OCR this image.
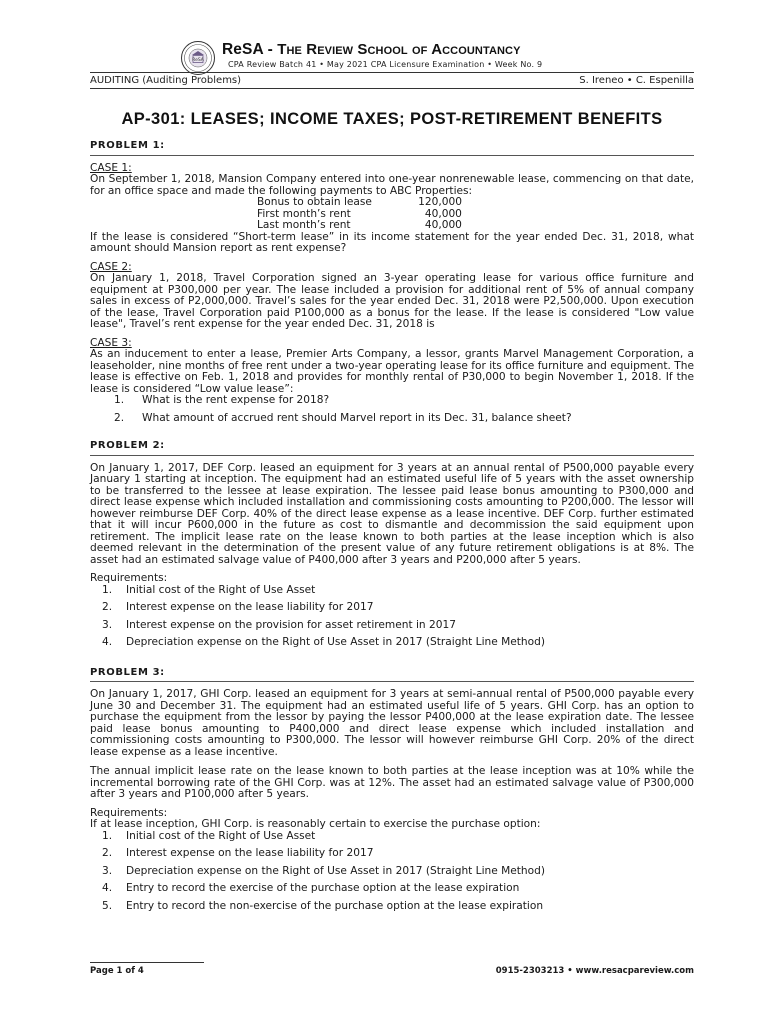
ReSA
ReSA - The Review School of Accountancy
CPA Review Batch 41 • May 2021 CPA Licensure Examination • Week No. 9
AUDITING (Auditing Problems)	S. Ireneo • C. Espenilla
AP-301: LEASES; INCOME TAXES; POST-RETIREMENT BENEFITS
PROBLEM 1:
CASE 1:
On September 1, 2018, Mansion Company entered into one-year nonrenewable lease, commencing on that date, for an office space and made the following payments to ABC Properties:
Bonus to obtain lease	120,000
First month’s rent	40,000
Last month’s rent	40,000
If the lease is considered “Short-term lease” in its income statement for the year ended Dec. 31, 2018, what amount should Mansion report as rent expense?
CASE 2:
On January 1, 2018, Travel Corporation signed an 3-year operating lease for various office furniture and equipment at P300,000 per year. The lease included a provision for additional rent of 5% of annual company sales in excess of P2,000,000. Travel’s sales for the year ended Dec. 31, 2018 were P2,500,000. Upon execution of the lease, Travel Corporation paid P100,000 as a bonus for the lease. If the lease is considered "Low value lease", Travel’s rent expense for the year ended Dec. 31, 2018 is
CASE 3:
As an inducement to enter a lease, Premier Arts Company, a lessor, grants Marvel Management Corporation, a leaseholder, nine months of free rent under a two-year operating lease for its office furniture and equipment. The lease is effective on Feb. 1, 2018 and provides for monthly rental of P30,000 to begin November 1, 2018. If the lease is considered “Low value lease”:
1.	What is the rent expense for 2018?
2.	What amount of accrued rent should Marvel report in its Dec. 31, balance sheet?
PROBLEM 2:
On January 1, 2017, DEF Corp. leased an equipment for 3 years at an annual rental of P500,000 payable every January 1 starting at inception. The equipment had an estimated useful life of 5 years with the asset ownership to be transferred to the lessee at lease expiration. The lessee paid lease bonus amounting to P300,000 and direct lease expense which included installation and commissioning costs amounting to P200,000. The lessor will however reimburse DEF Corp. 40% of the direct lease expense as a lease incentive. DEF Corp. further estimated that it will incur P600,000 in the future as cost to dismantle and decommission the said equipment upon retirement. The implicit lease rate on the lease known to both parties at the lease inception which is also deemed relevant in the determination of the present value of any future retirement obligations is at 8%. The asset had an estimated salvage value of P400,000 after 3 years and P200,000 after 5 years.
Requirements:
1.	Initial cost of the Right of Use Asset
2.	Interest expense on the lease liability for 2017
3.	Interest expense on the provision for asset retirement in 2017
4.	Depreciation expense on the Right of Use Asset in 2017 (Straight Line Method)
PROBLEM 3:
On January 1, 2017, GHI Corp. leased an equipment for 3 years at semi-annual rental of P500,000 payable every June 30 and December 31. The equipment had an estimated useful life of 5 years. GHI Corp. has an option to purchase the equipment from the lessor by paying the lessor P400,000 at the lease expiration date. The lessee paid lease bonus amounting to P400,000 and direct lease expense which included installation and commissioning costs amounting to P300,000. The lessor will however reimburse GHI Corp. 20% of the direct lease expense as a lease incentive.
The annual implicit lease rate on the lease known to both parties at the lease inception was at 10% while the incremental borrowing rate of the GHI Corp. was at 12%. The asset had an estimated salvage value of P300,000 after 3 years and P100,000 after 5 years.
Requirements:
If at lease inception, GHI Corp. is reasonably certain to exercise the purchase option:
1.	Initial cost of the Right of Use Asset
2.	Interest expense on the lease liability for 2017
3.	Depreciation expense on the Right of Use Asset in 2017 (Straight Line Method)
4.	Entry to record the exercise of the purchase option at the lease expiration
5.	Entry to record the non-exercise of the purchase option at the lease expiration
Page 1 of 4	0915-2303213 • www.resacpareview.com
